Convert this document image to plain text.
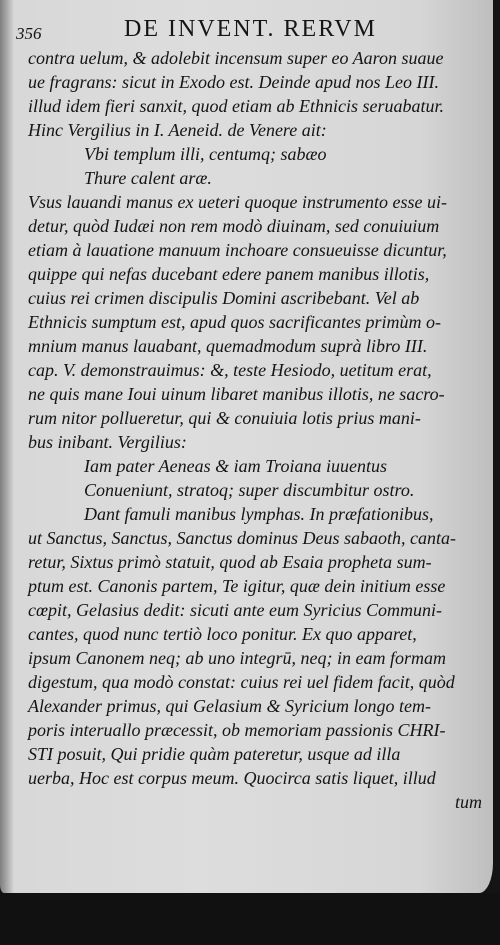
356	DE INVENT. RERVM
contra uelum, & adolebit incensum super eo Aaron suaue
ue fragrans: sicut in Exodo est. Deinde apud nos Leo III.
illud idem fieri sanxit, quod etiam ab Ethnicis seruabatur.
Hinc Vergilius in I. Aeneid. de Venere ait:
Vbi templum illi, centumq; sabæo
Thure calent aræ.
Vsus lauandi manus ex ueteri quoque instrumento esse ui-
detur, quòd Iudæi non rem modò diuinam, sed conuiuium
etiam à lauatione manuum inchoare consueuisse dicuntur,
quippe qui nefas ducebant edere panem manibus illotis,
cuius rei crimen discipulis Domini ascribebant. Vel ab
Ethnicis sumptum est, apud quos sacrificantes primùm o-
mnium manus lauabant, quemadmodum suprà libro III.
cap. V. demonstrauimus: &, teste Hesiodo, uetitum erat,
ne quis mane Ioui uinum libaret manibus illotis, ne sacro-
rum nitor pollueretur, qui & conuiuia lotis prius mani-
bus inibant. Vergilius:
Iam pater Aeneas & iam Troiana iuuentus
Conueniunt, stratoq; super discumbitur ostro.
Dant famuli manibus lymphas. In præfationibus,
ut Sanctus, Sanctus, Sanctus dominus Deus sabaoth, canta-
retur, Sixtus primò statuit, quod ab Esaia propheta sum-
ptum est. Canonis partem, Te igitur, quæ dein initium esse
cœpit, Gelasius dedit: sicuti ante eum Syricius Communi-
cantes, quod nunc tertiò loco ponitur. Ex quo apparet,
ipsum Canonem neq; ab uno integrū, neq; in eam formam
digestum, qua modò constat: cuius rei uel fidem facit, quòd
Alexander primus, qui Gelasium & Syricium longo tem-
poris interuallo præcessit, ob memoriam passionis CHRI-
STI posuit, Qui pridie quàm pateretur, usque ad illa
uerba, Hoc est corpus meum. Quocirca satis liquet, illud
tum
